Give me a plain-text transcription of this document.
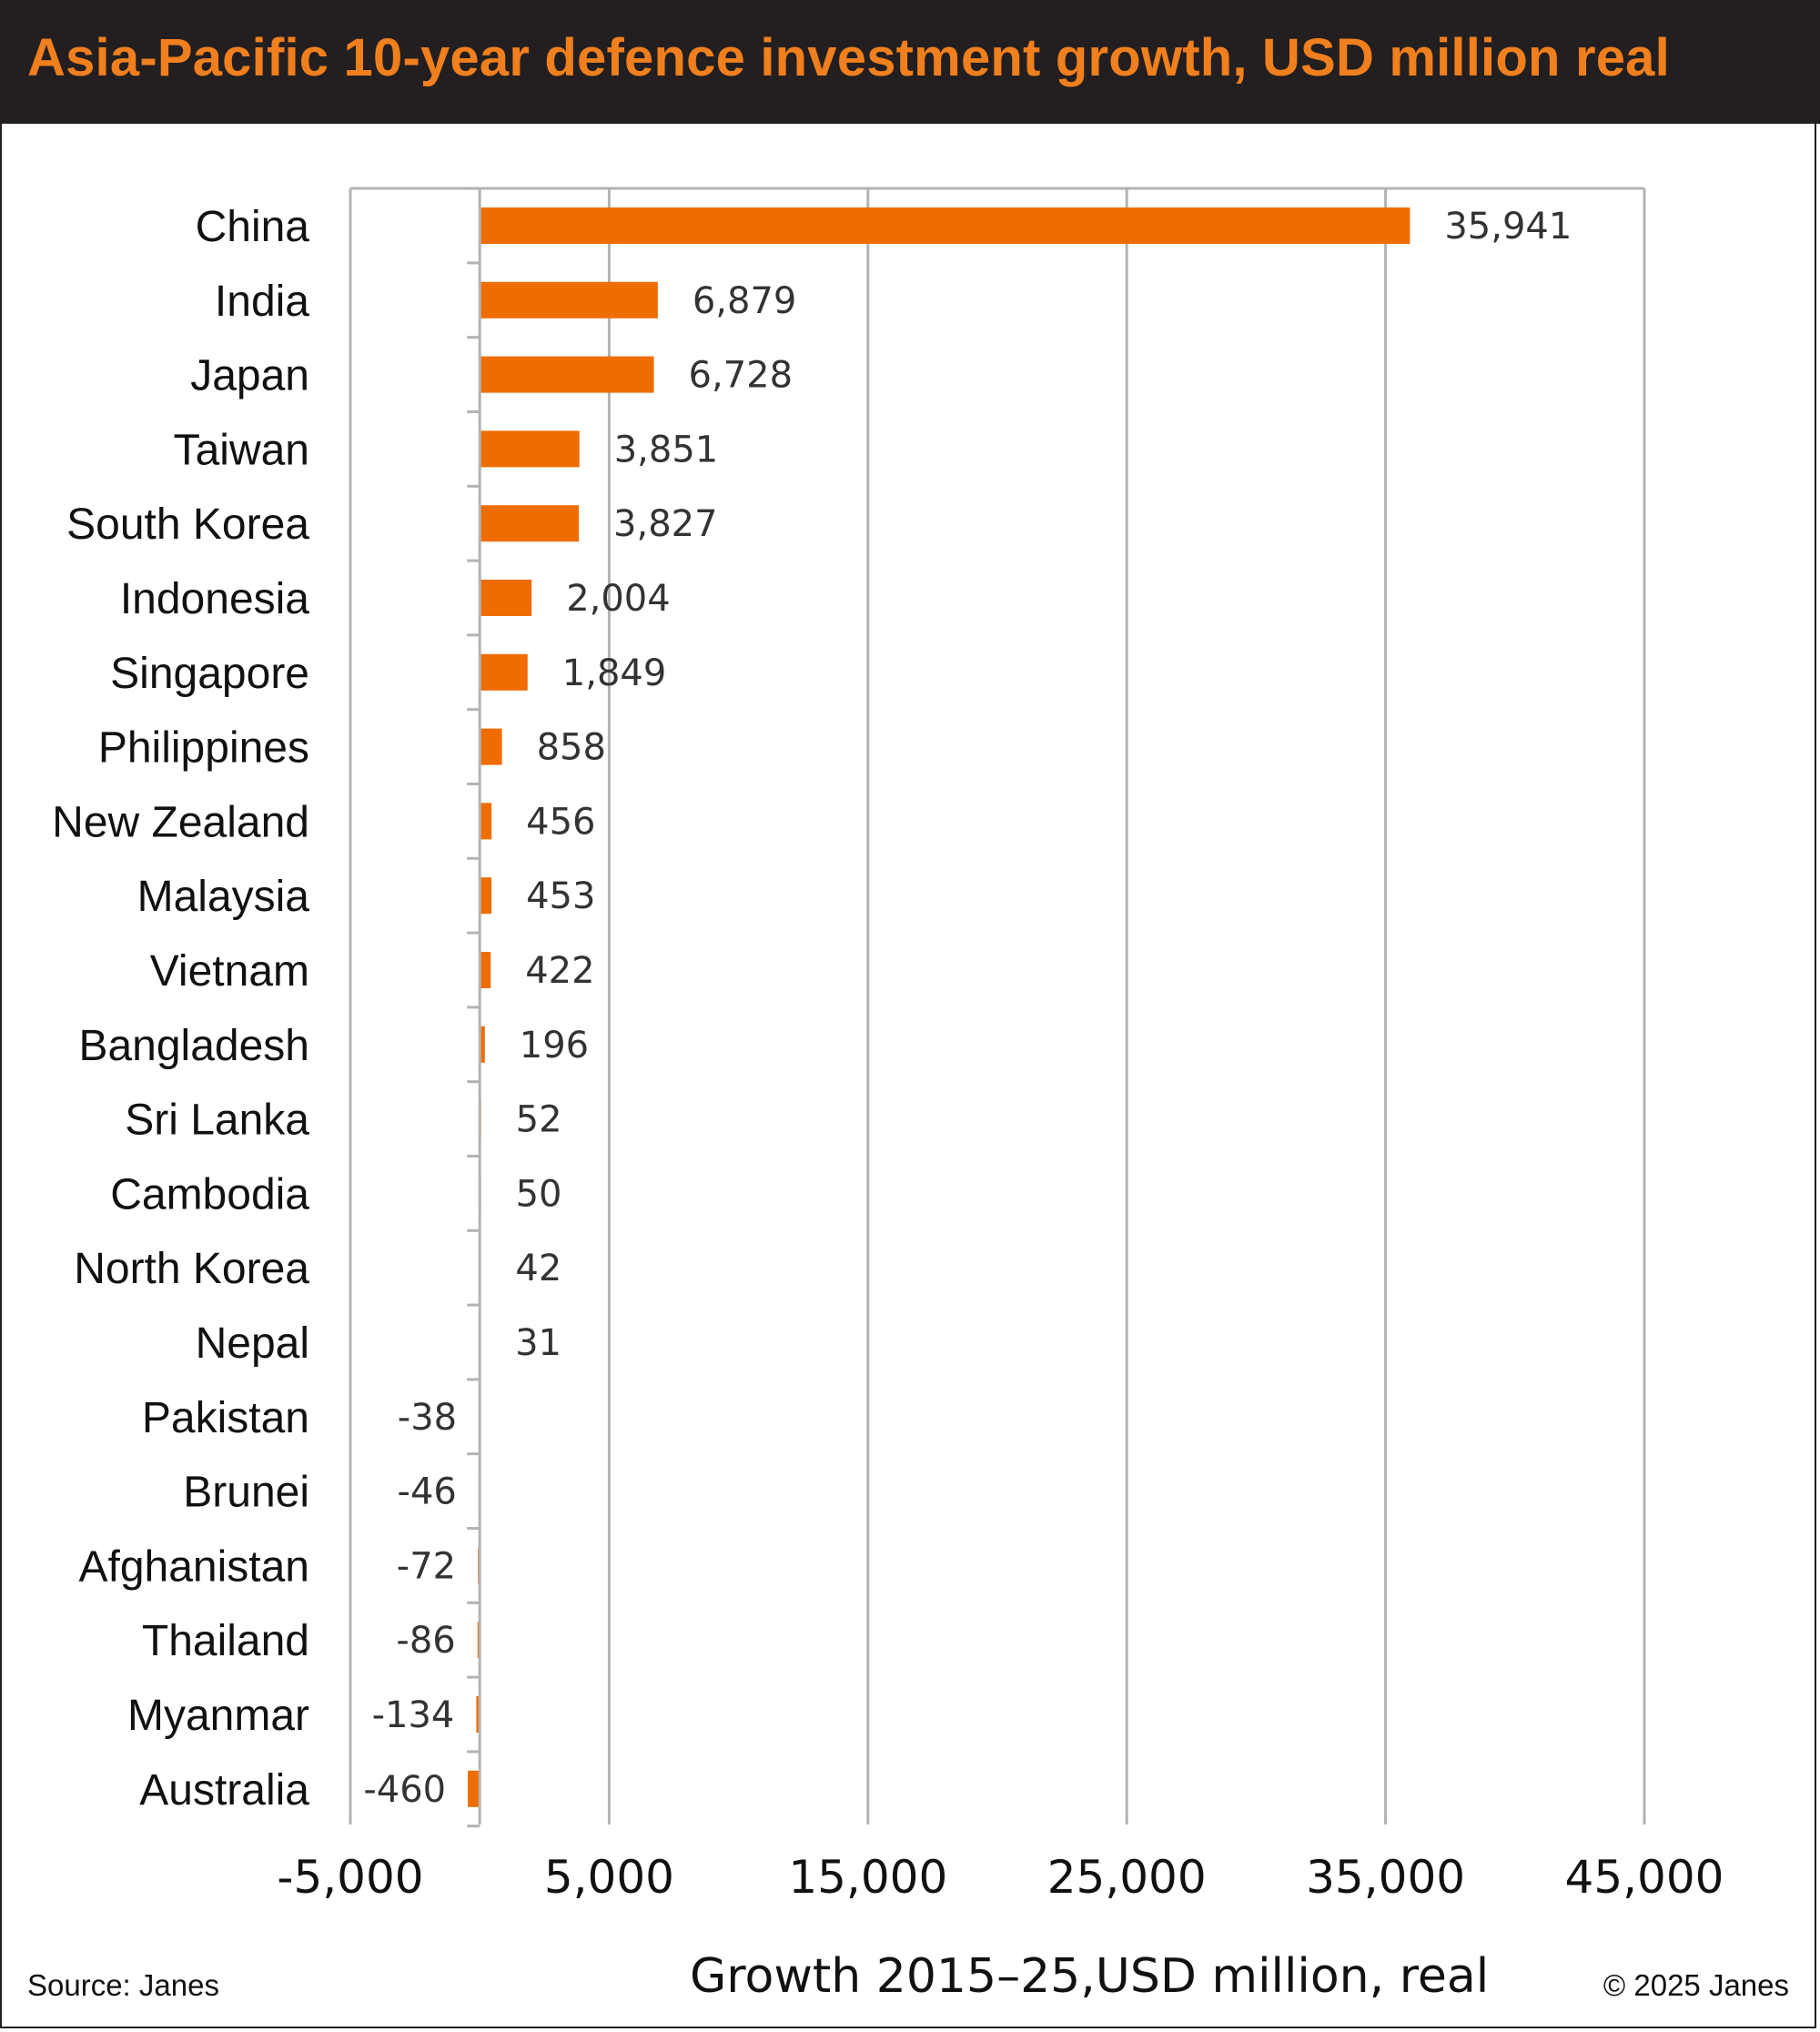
Asia-Pacific 10-year defence investment growth, USD million real
-5,000	5,000	15,000 25,000 35,000 45,000
China	35,941
India	6,879
Japan	6,728
Taiwan	3,851
South Korea	3,827
Indonesia	2,004
Singapore	1,849
Philippines	858
New Zealand	456
Malaysia	453
Vietnam	422
Bangladesh	196
Sri Lanka	52
Cambodia	50
North Korea	42
Nepal	31
Pakistan -38
Brunei -46
Afghanistan -72
Thailand -86
Myanmar -134
Australia -460
Growth 2015–25,USD million, real
Source: Janes	© 2025 Janes
